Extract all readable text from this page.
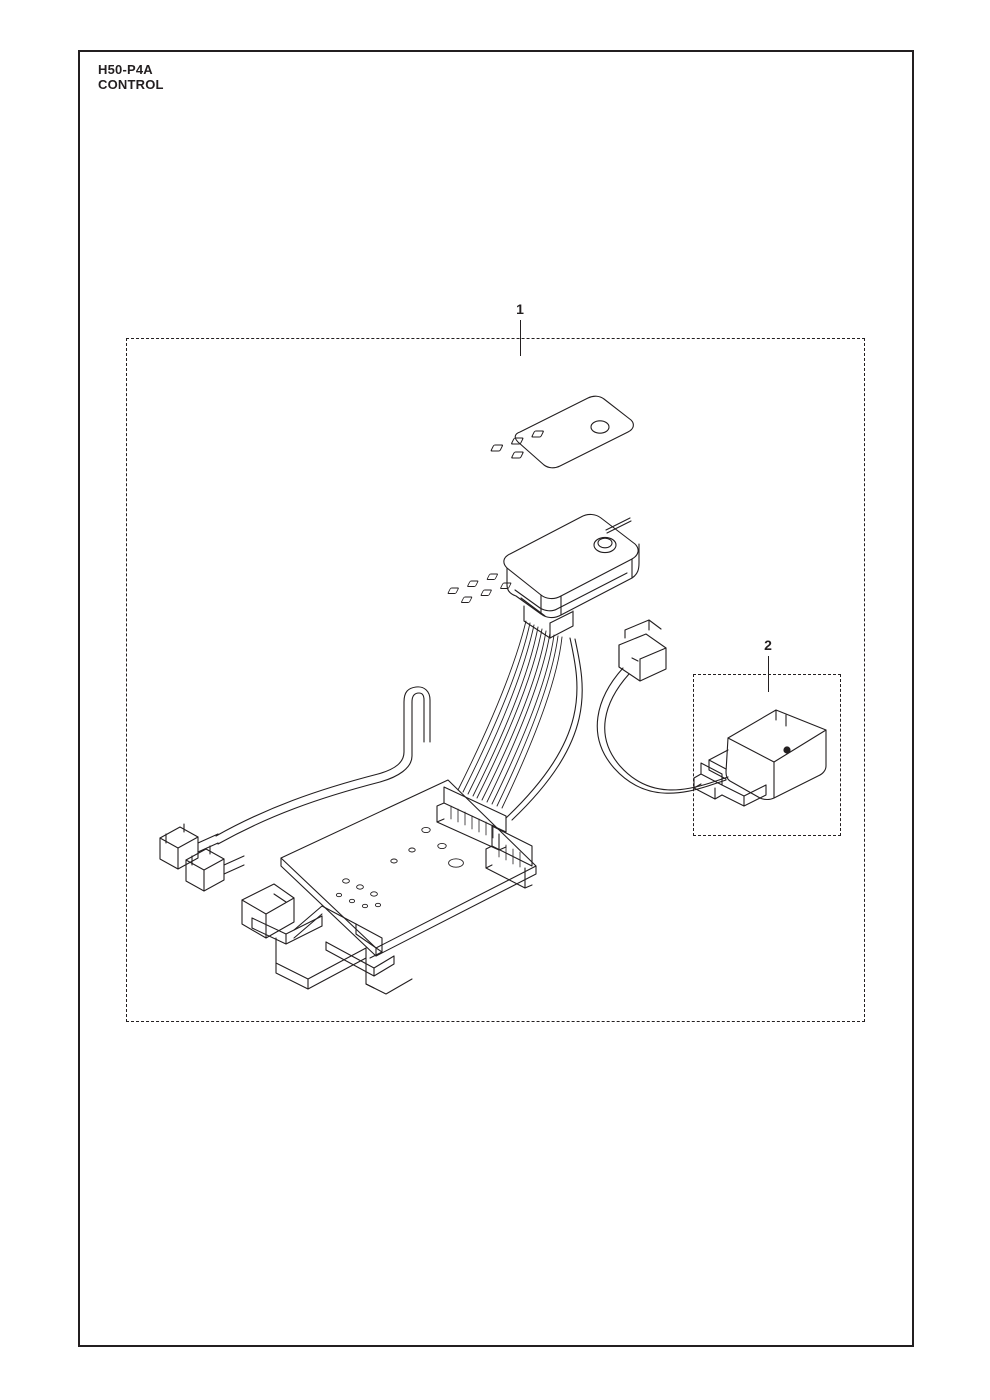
H50-P4A
CONTROL
1
2
